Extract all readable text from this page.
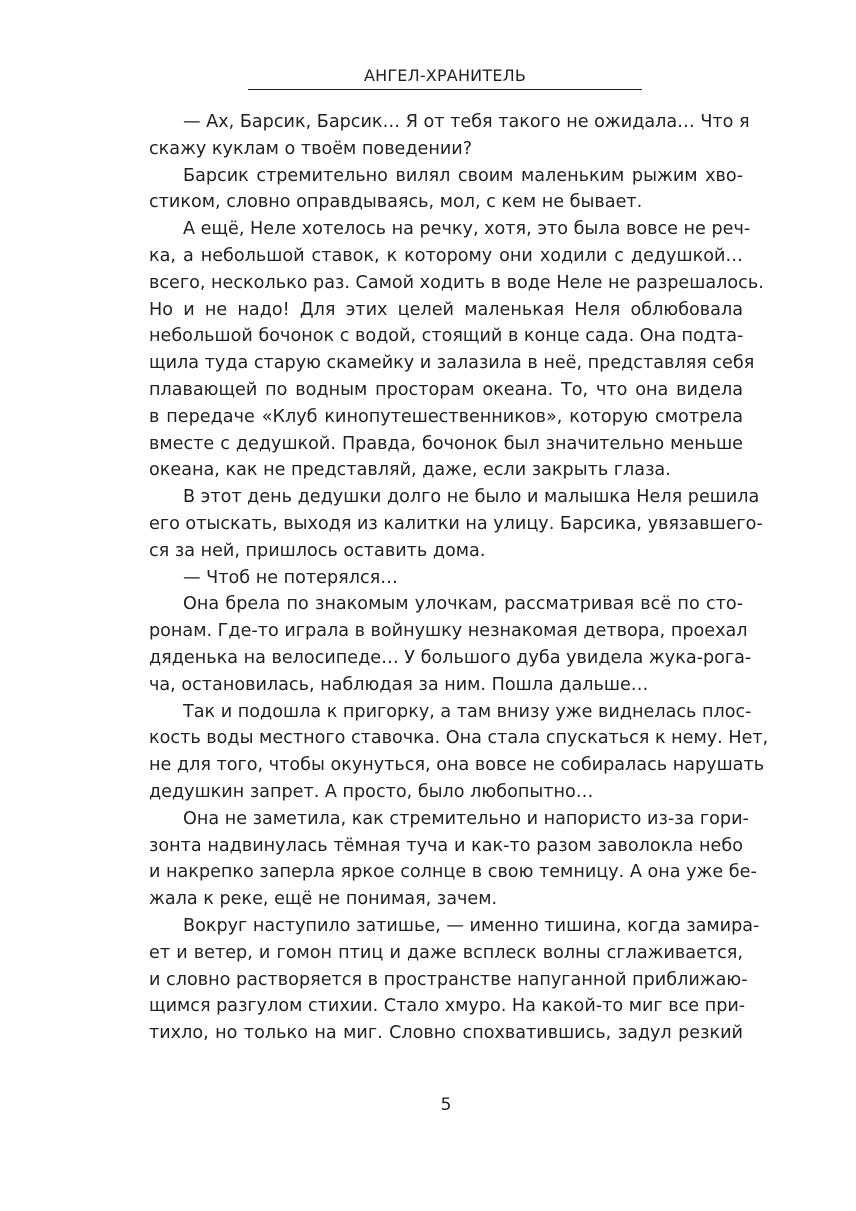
АНГЕЛ-ХРАНИТЕЛЬ
— Ах, Барсик, Барсик… Я от тебя такого не ожидала… Что я
скажу куклам о твоём поведении?
Барсик стремительно вилял своим маленьким рыжим хво-
стиком, словно оправдываясь, мол, с кем не бывает.
А ещё, Неле хотелось на речку, хотя, это была вовсе не реч-
ка, а небольшой ставок, к которому они ходили с дедушкой…
всего, несколько раз. Самой ходить в воде Неле не разрешалось.
Но и не надо! Для этих целей маленькая Неля облюбовала
небольшой бочонок с водой, стоящий в конце сада. Она подта-
щила туда старую скамейку и залазила в неё, представляя себя
плавающей по водным просторам океана. То, что она видела
в передаче «Клуб кинопутешественников», которую смотрела
вместе с дедушкой. Правда, бочонок был значительно меньше
океана, как не представляй, даже, если закрыть глаза.
В этот день дедушки долго не было и малышка Неля решила
его отыскать, выходя из калитки на улицу. Барсика, увязавшего-
ся за ней, пришлось оставить дома.
— Чтоб не потерялся…
Она брела по знакомым улочкам, рассматривая всё по сто-
ронам. Где-то играла в войнушку незнакомая детвора, проехал
дяденька на велосипеде… У большого дуба увидела жука-рога-
ча, остановилась, наблюдая за ним. Пошла дальше…
Так и подошла к пригорку, а там внизу уже виднелась плос-
кость воды местного ставочка. Она стала спускаться к нему. Нет,
не для того, чтобы окунуться, она вовсе не собиралась нарушать
дедушкин запрет. А просто, было любопытно…
Она не заметила, как стремительно и напористо из-за гори-
зонта надвинулась тёмная туча и как-то разом заволокла небо
и накрепко заперла яркое солнце в свою темницу. А она уже бе-
жала к реке, ещё не понимая, зачем.
Вокруг наступило затишье, — именно тишина, когда замира-
ет и ветер, и гомон птиц и даже всплеск волны сглаживается,
и словно растворяется в пространстве напуганной приближаю-
щимся разгулом стихии. Стало хмуро. На какой-то миг все при-
тихло, но только на миг. Словно спохватившись, задул резкий
5
